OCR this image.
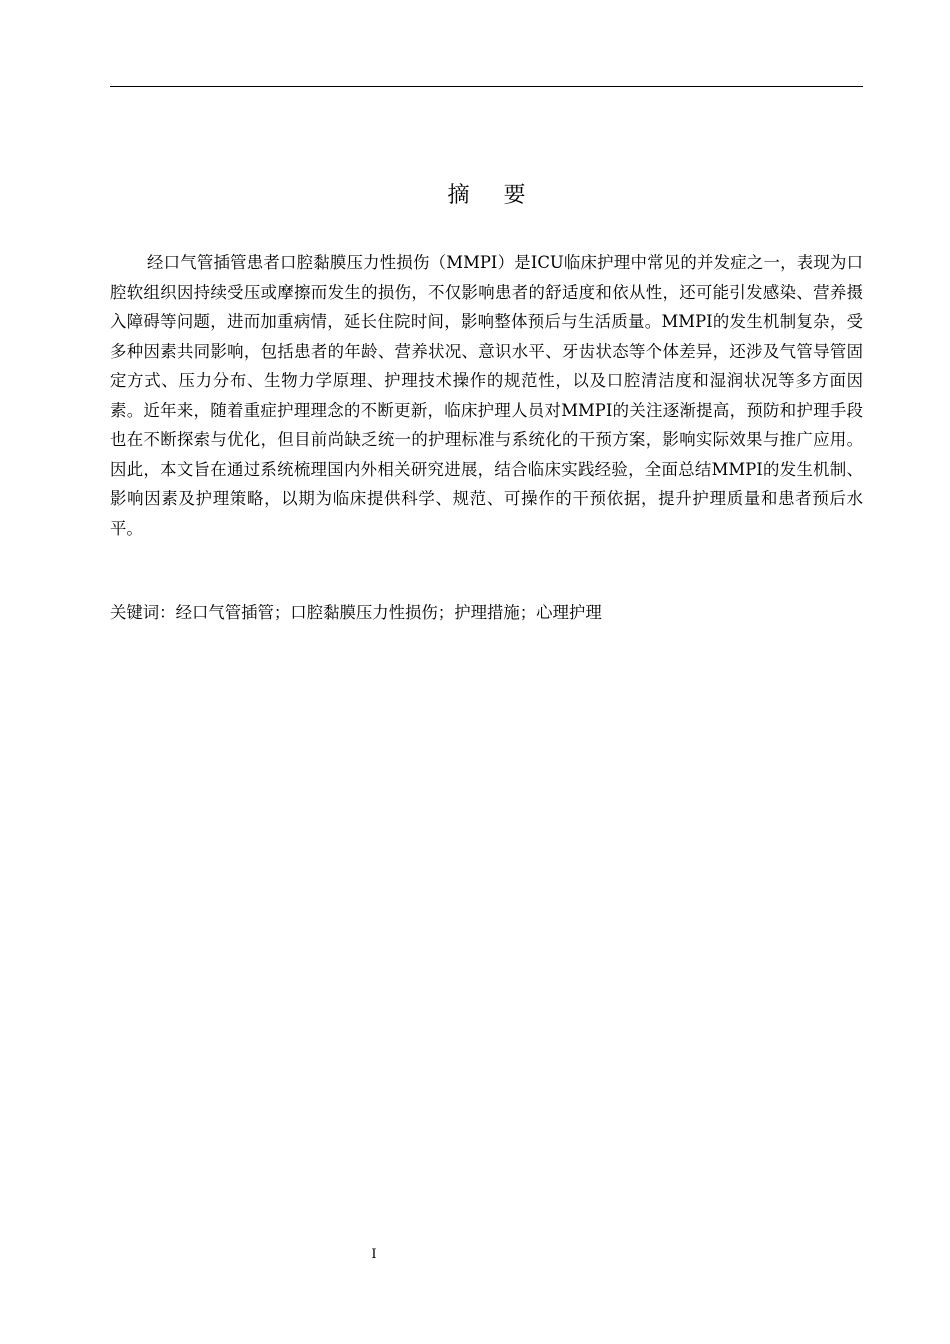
摘要

经口气管插管患者口腔黏膜压力性损伤（MMPI）是ICU临床护理中常见的并发症之一，表现为口腔软组织因持续受压或摩擦而发生的损伤，不仅影响患者的舒适度和依从性，还可能引发感染、营养摄入障碍等问题，进而加重病情，延长住院时间，影响整体预后与生活质量。MMPI的发生机制复杂，受多种因素共同影响，包括患者的年龄、营养状况、意识水平、牙齿状态等个体差异，还涉及气管导管固定方式、压力分布、生物力学原理、护理技术操作的规范性，以及口腔清洁度和湿润状况等多方面因素。近年来，随着重症护理理念的不断更新，临床护理人员对MMPI的关注逐渐提高，预防和护理手段也在不断探索与优化，但目前尚缺乏统一的护理标准与系统化的干预方案，影响实际效果与推广应用。因此，本文旨在通过系统梳理国内外相关研究进展，结合临床实践经验，全面总结MMPI的发生机制、影响因素及护理策略，以期为临床提供科学、规范、可操作的干预依据，提升护理质量和患者预后水平。

关键词：经口气管插管；口腔黏膜压力性损伤；护理措施；心理护理

I
